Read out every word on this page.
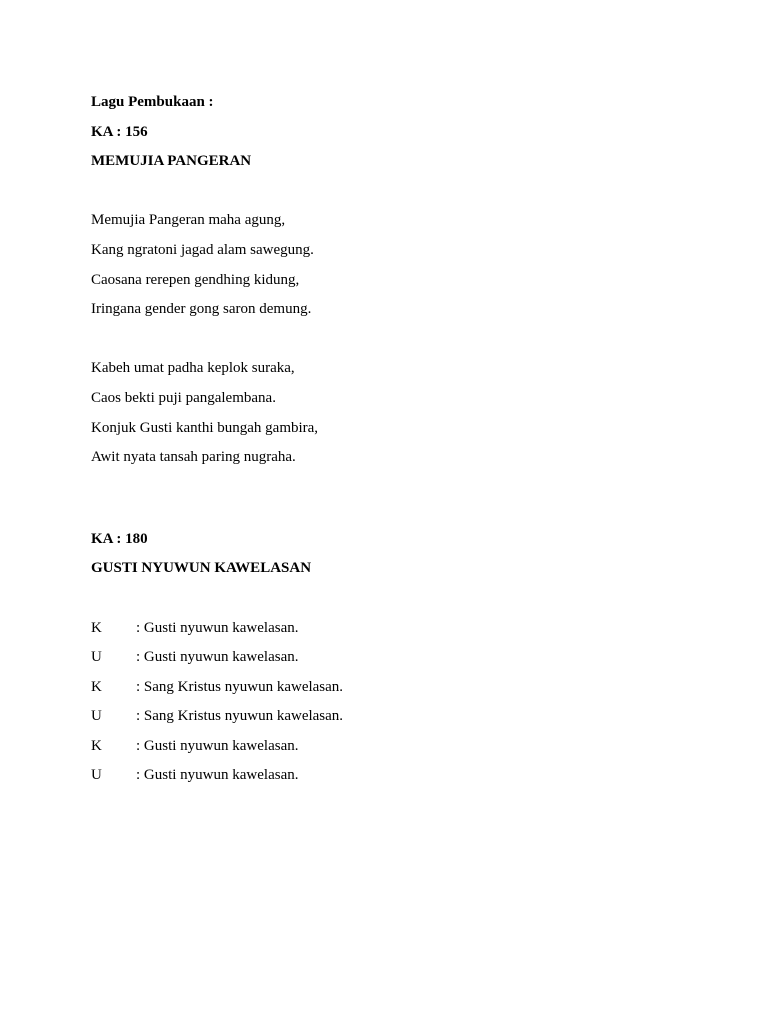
Lagu Pembukaan :

KA : 156

MEMUJIA PANGERAN

Memujia Pangeran maha agung,

Kang ngratoni jagad alam sawegung.

Caosana rerepen gendhing kidung,

Iringana gender gong saron demung.

Kabeh umat padha keplok suraka,

Caos bekti puji pangalembana.

Konjuk Gusti kanthi bungah gambira,

Awit nyata tansah paring nugraha.

KA : 180

GUSTI NYUWUN KAWELASAN

K	: Gusti nyuwun kawelasan.
U	: Gusti nyuwun kawelasan.
K	: Sang Kristus nyuwun kawelasan.
U	: Sang Kristus nyuwun kawelasan.
K	: Gusti nyuwun kawelasan.
U	: Gusti nyuwun kawelasan.
